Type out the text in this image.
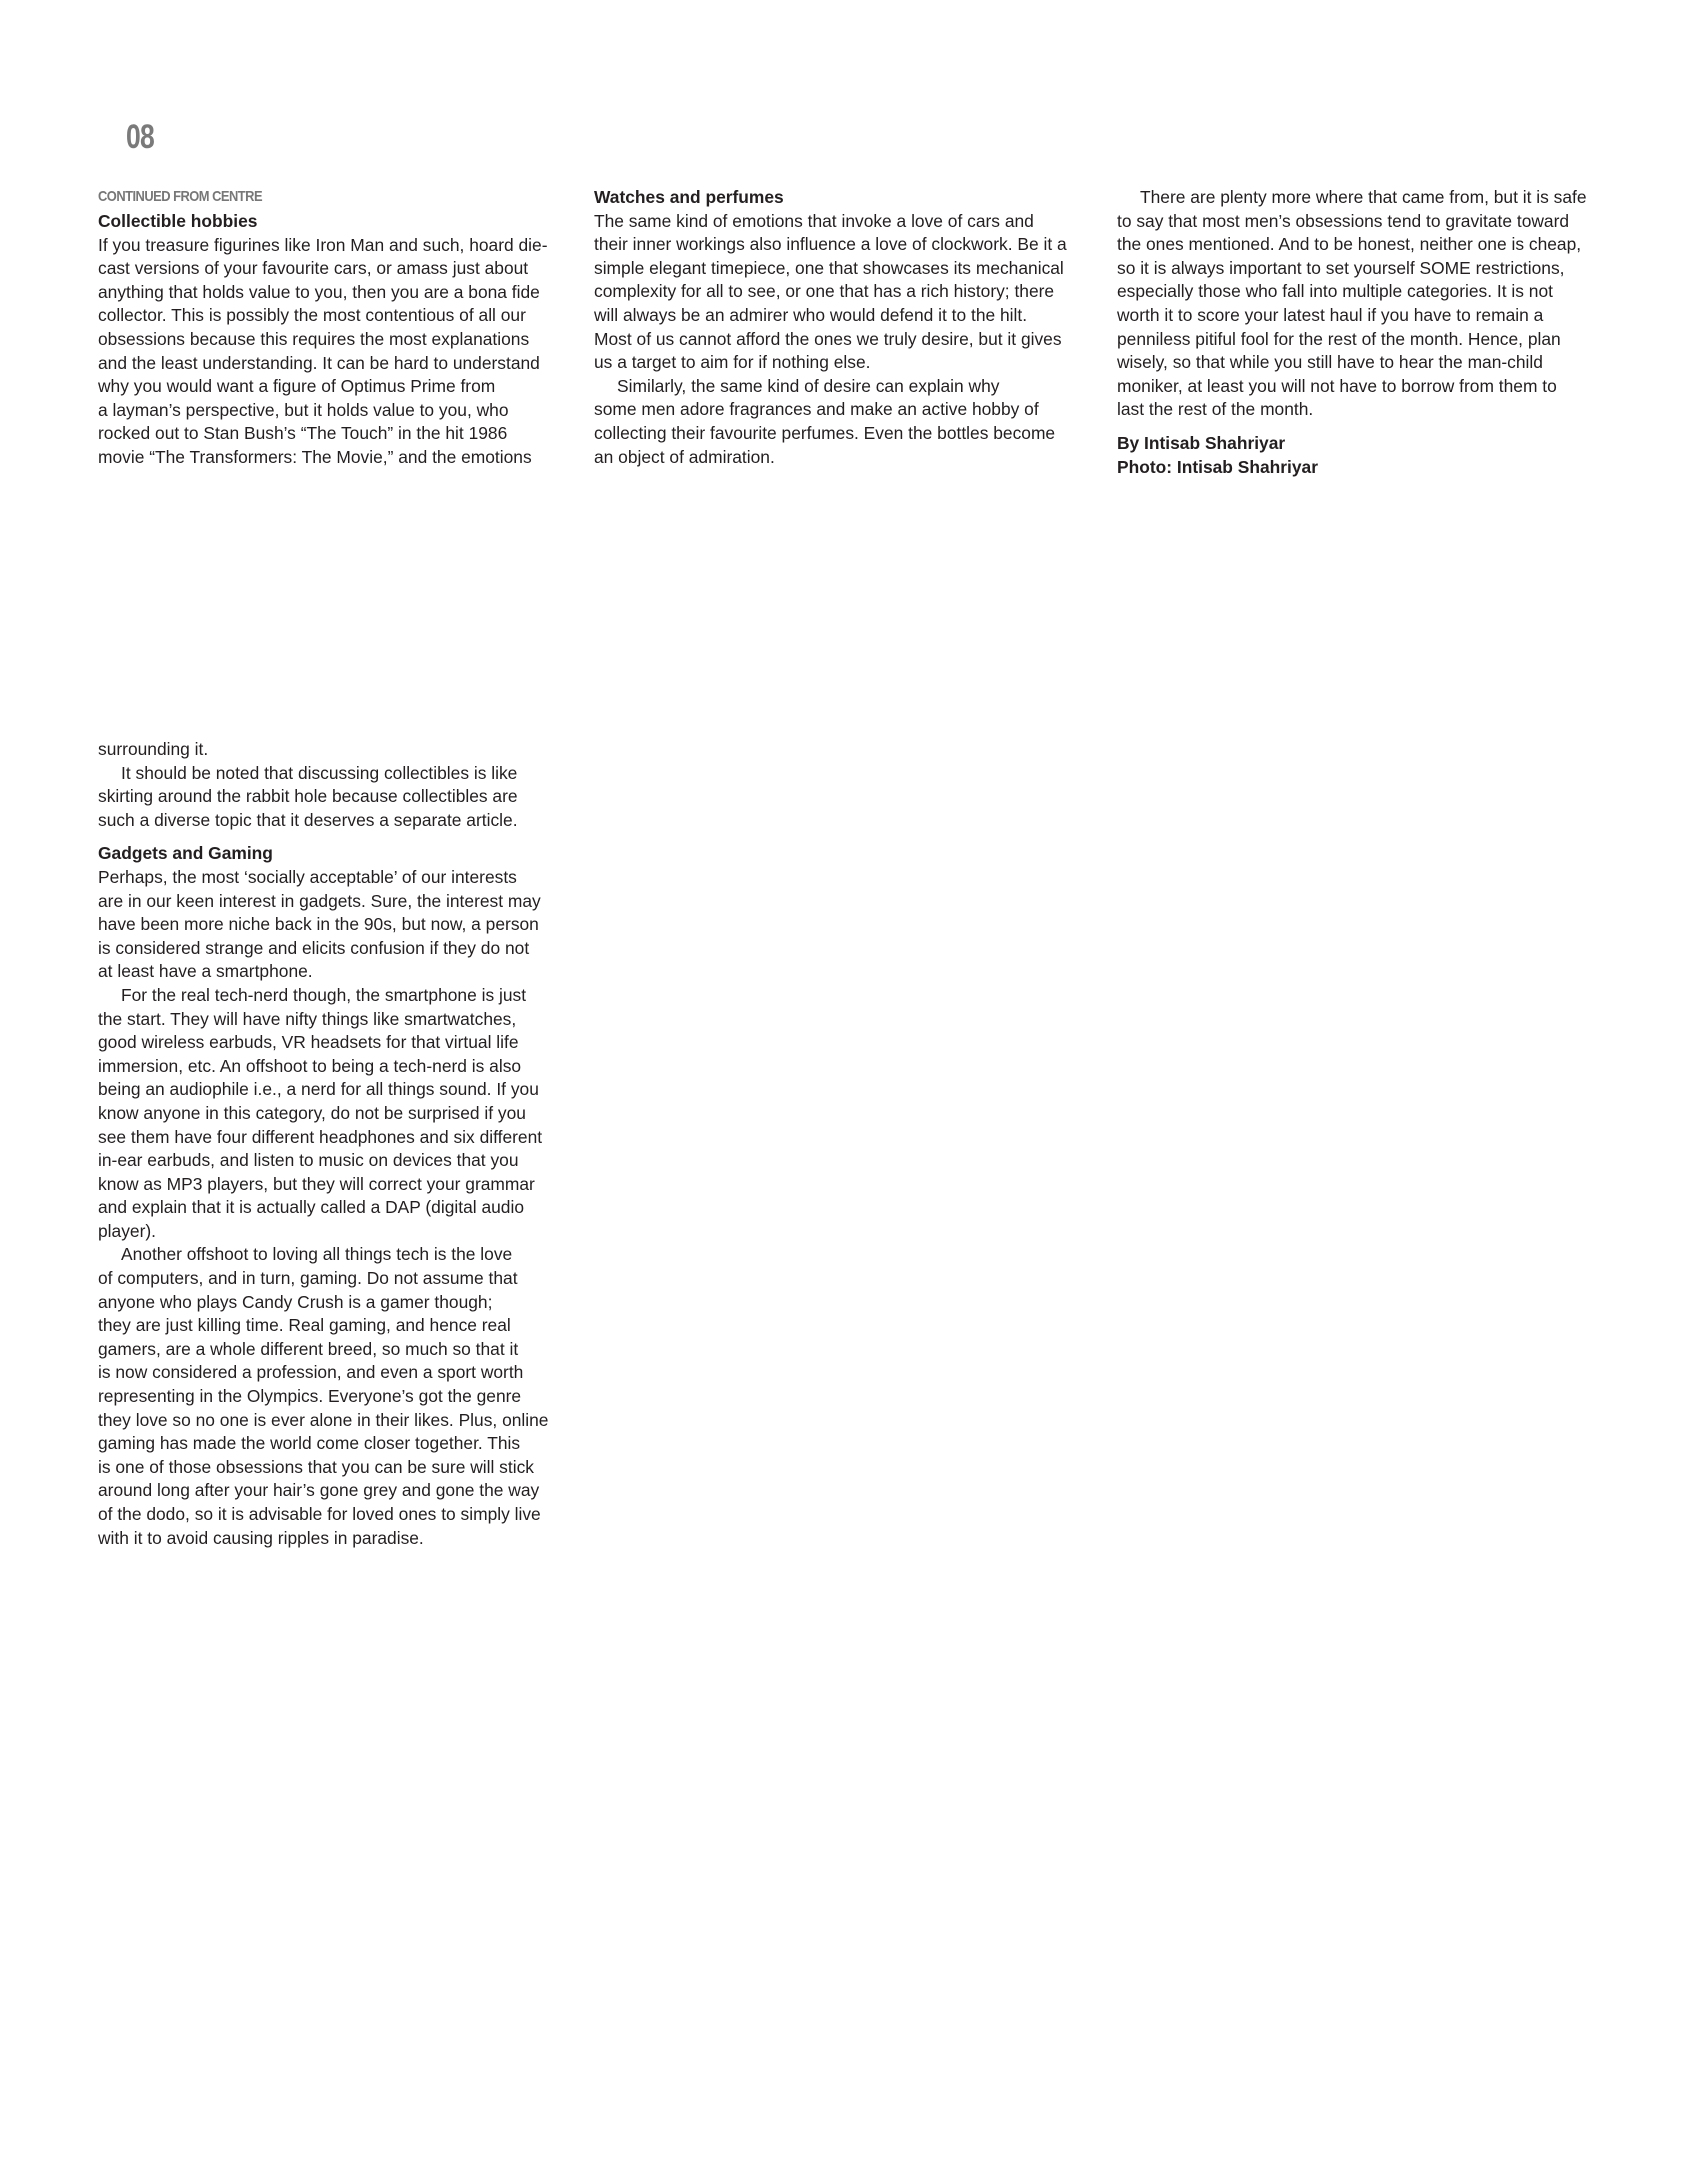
08
CONTINUED FROM CENTRE

Collectible hobbies

If you treasure figurines like Iron Man and such, hoard die-
cast versions of your favourite cars, or amass just about
anything that holds value to you, then you are a bona fide
collector. This is possibly the most contentious of all our
obsessions because this requires the most explanations
and the least understanding. It can be hard to understand
why you would want a figure of Optimus Prime from
a layman’s perspective, but it holds value to you, who
rocked out to Stan Bush’s “The Touch” in the hit 1986
movie “The Transformers: The Movie,” and the emotions

surrounding it.

It should be noted that discussing collectibles is like
skirting around the rabbit hole because collectibles are
such a diverse topic that it deserves a separate article.

Gadgets and Gaming

Perhaps, the most ‘socially acceptable’ of our interests
are in our keen interest in gadgets. Sure, the interest may
have been more niche back in the 90s, but now, a person
is considered strange and elicits confusion if they do not
at least have a smartphone.

For the real tech-nerd though, the smartphone is just
the start. They will have nifty things like smartwatches,
good wireless earbuds, VR headsets for that virtual life
immersion, etc. An offshoot to being a tech-nerd is also
being an audiophile i.e., a nerd for all things sound. If you
know anyone in this category, do not be surprised if you
see them have four different headphones and six different
in-ear earbuds, and listen to music on devices that you
know as MP3 players, but they will correct your grammar
and explain that it is actually called a DAP (digital audio
player).

Another offshoot to loving all things tech is the love
of computers, and in turn, gaming. Do not assume that
anyone who plays Candy Crush is a gamer though;
they are just killing time. Real gaming, and hence real
gamers, are a whole different breed, so much so that it
is now considered a profession, and even a sport worth
representing in the Olympics. Everyone’s got the genre
they love so no one is ever alone in their likes. Plus, online
gaming has made the world come closer together. This
is one of those obsessions that you can be sure will stick
around long after your hair’s gone grey and gone the way
of the dodo, so it is advisable for loved ones to simply live
with it to avoid causing ripples in paradise.

Watches and perfumes

The same kind of emotions that invoke a love of cars and
their inner workings also influence a love of clockwork. Be it a
simple elegant timepiece, one that showcases its mechanical
complexity for all to see, or one that has a rich history; there
will always be an admirer who would defend it to the hilt.
Most of us cannot afford the ones we truly desire, but it gives
us a target to aim for if nothing else.

Similarly, the same kind of desire can explain why
some men adore fragrances and make an active hobby of
collecting their favourite perfumes. Even the bottles become
an object of admiration.

There are plenty more where that came from, but it is safe
to say that most men’s obsessions tend to gravitate toward
the ones mentioned. And to be honest, neither one is cheap,
so it is always important to set yourself SOME restrictions,
especially those who fall into multiple categories. It is not
worth it to score your latest haul if you have to remain a
penniless pitiful fool for the rest of the month. Hence, plan
wisely, so that while you still have to hear the man-child
moniker, at least you will not have to borrow from them to
last the rest of the month.

By Intisab Shahriyar

Photo: Intisab Shahriyar
